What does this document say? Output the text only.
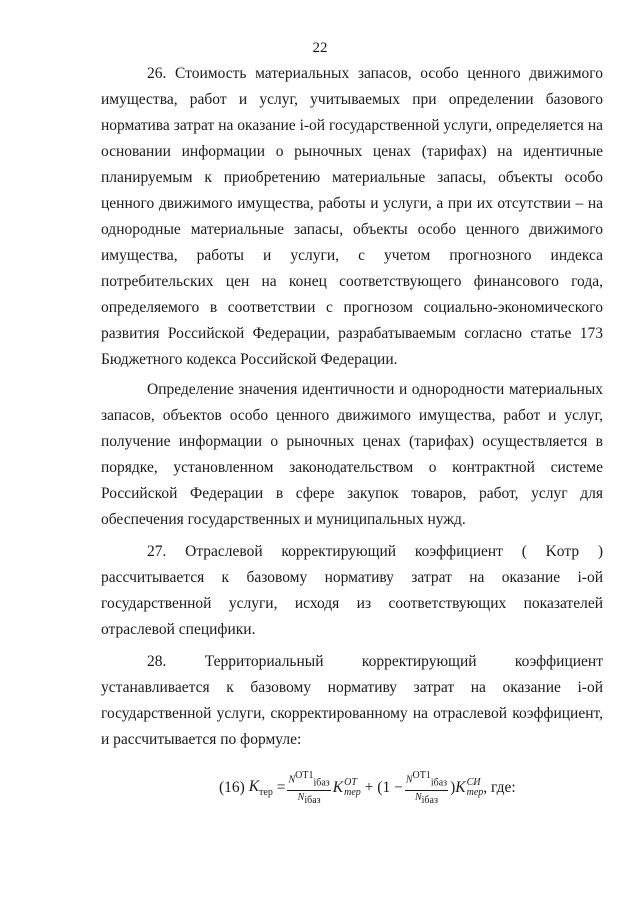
22

26. Стоимость материальных запасов, особо ценного движимого имущества, работ и услуг, учитываемых при определении базового норматива затрат на оказание i-ой государственной услуги, определяется на основании информации о рыночных ценах (тарифах) на идентичные планируемым к приобретению материальные запасы, объекты особо ценного движимого имущества, работы и услуги, а при их отсутствии – на однородные материальные запасы, объекты особо ценного движимого имущества, работы и услуги, с учетом прогнозного индекса потребительских цен на конец соответствующего финансового года, определяемого в соответствии с прогнозом социально-экономического развития Российской Федерации, разрабатываемым согласно статье 173 Бюджетного кодекса Российской Федерации.

Определение значения идентичности и однородности материальных запасов, объектов особо ценного движимого имущества, работ и услуг, получение информации о рыночных ценах (тарифах) осуществляется в порядке, установленном законодательством о контрактной системе Российской Федерации в сфере закупок товаров, работ, услуг для обеспечения государственных и муниципальных нужд.

27. Отраслевой корректирующий коэффициент ( Kотр ) рассчитывается к базовому нормативу затрат на оказание i-ой государственной услуги, исходя из соответствующих показателей отраслевой специфики.

28. Территориальный корректирующий коэффициент устанавливается к базовому нормативу затрат на оказание i-ой государственной услуги, скорректированному на отраслевой коэффициент, и рассчитывается по формуле:

(16)
$K_{тер}$
= $\frac{N^{ОТ1}_{iбаз}}{N_{iбаз}}$ K ОТ
тер
+
($1 - \frac{N^{ОТ1}_{iбаз}}{N_{iбаз}}$ ) K СИ
тер , где:
